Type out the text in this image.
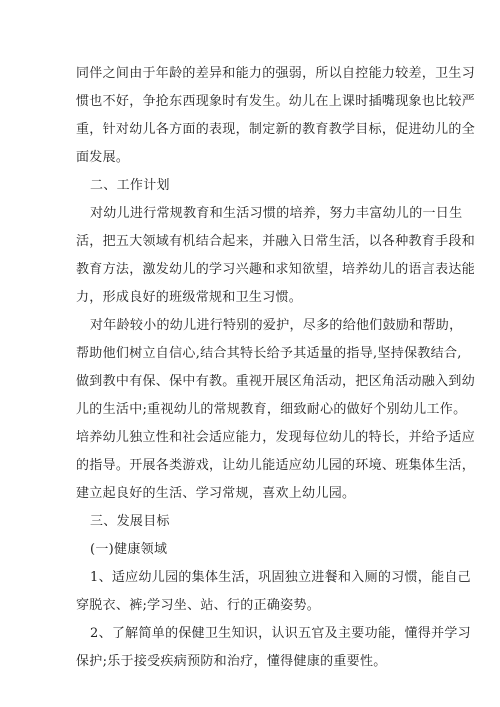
同伴之间由于年龄的差异和能力的强弱，所以自控能力较差，卫生习
惯也不好，争抢东西现象时有发生。幼儿在上课时插嘴现象也比较严
重，针对幼儿各方面的表现，制定新的教育教学目标，促进幼儿的全
面发展。
二、工作计划
对幼儿进行常规教育和生活习惯的培养，努力丰富幼儿的一日生
活，把五大领域有机结合起来，并融入日常生活，以各种教育手段和
教育方法，激发幼儿的学习兴趣和求知欲望，培养幼儿的语言表达能
力，形成良好的班级常规和卫生习惯。
对年龄较小的幼儿进行特别的爱护，尽多的给他们鼓励和帮助，
帮助他们树立自信心,结合其特长给予其适量的指导,坚持保教结合,
做到教中有保、保中有教。重视开展区角活动，把区角活动融入到幼
儿的生活中;重视幼儿的常规教育，细致耐心的做好个别幼儿工作。
培养幼儿独立性和社会适应能力，发现每位幼儿的特长，并给予适应
的指导。开展各类游戏，让幼儿能适应幼儿园的环境、班集体生活，
建立起良好的生活、学习常规，喜欢上幼儿园。
三、发展目标
(一)健康领域
1、适应幼儿园的集体生活，巩固独立进餐和入厕的习惯，能自己
穿脱衣、裤;学习坐、站、行的正确姿势。
2、了解简单的保健卫生知识，认识五官及主要功能，懂得并学习
保护;乐于接受疾病预防和治疗，懂得健康的重要性。
